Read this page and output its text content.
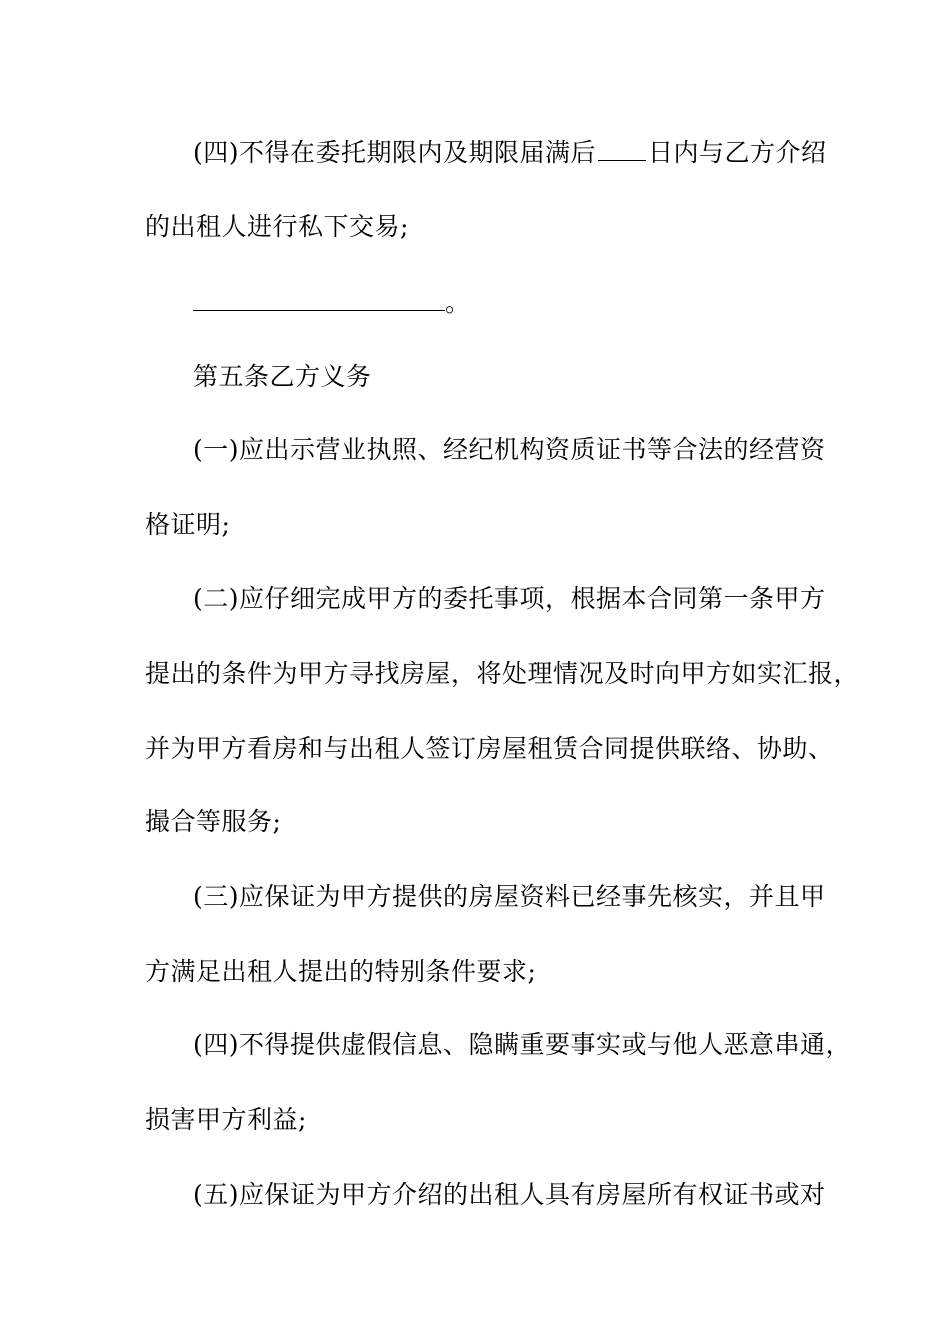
(四)不得在委托期限内及期限届满后 日内与乙方介绍
的出租人进行私下交易;
。
第五条乙方义务
(一)应出示营业执照、经纪机构资质证书等合法的经营资
格证明;
(二)应仔细完成甲方的委托事项，根据本合同第一条甲方
提出的条件为甲方寻找房屋，将处理情况及时向甲方如实汇报，
并为甲方看房和与出租人签订房屋租赁合同提供联络、协助、
撮合等服务;
(三)应保证为甲方提供的房屋资料已经事先核实，并且甲
方满足出租人提出的特别条件要求;
(四)不得提供虚假信息、隐瞒重要事实或与他人恶意串通，
损害甲方利益;
(五)应保证为甲方介绍的出租人具有房屋所有权证书或对
